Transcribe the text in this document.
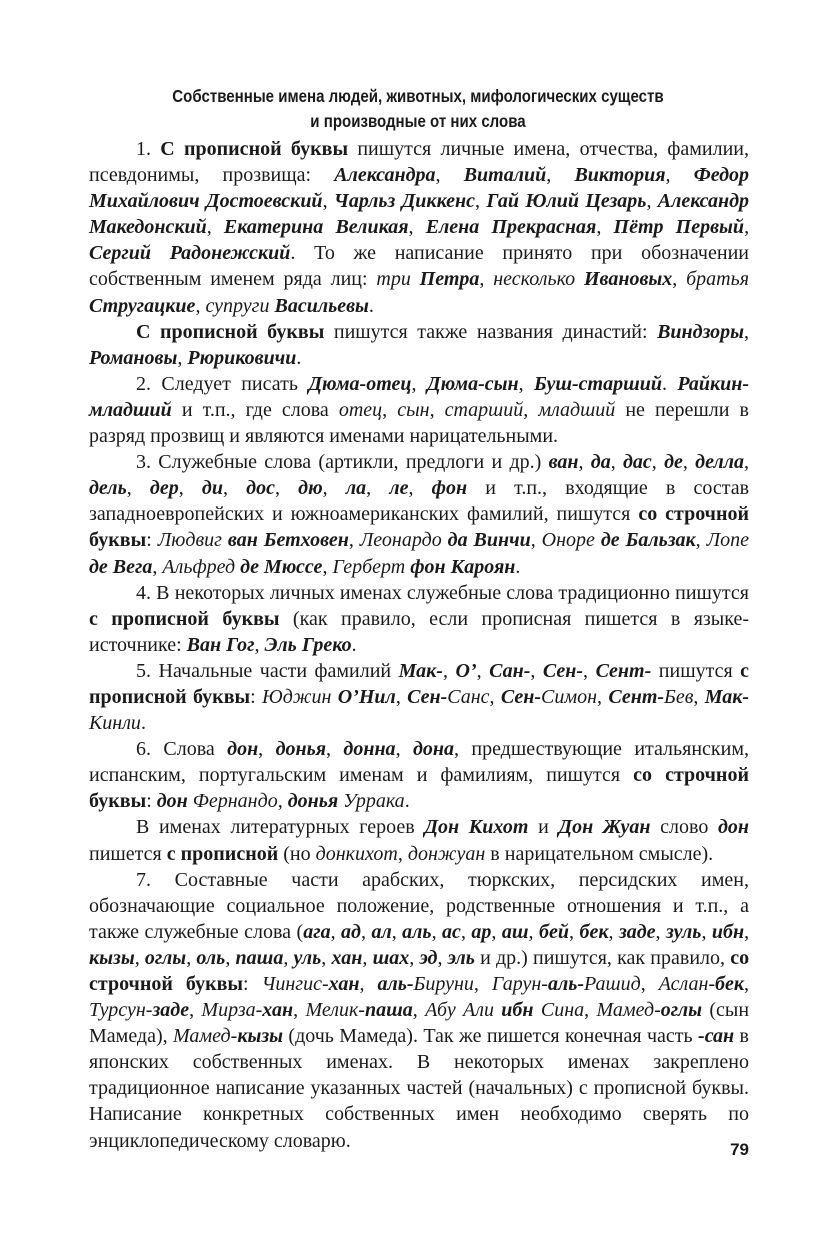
Собственные имена людей, животных, мифологических существ
и производные от них слова

1. С прописной буквы пишутся личные имена, отчества, фамилии, псевдонимы, прозвища: Александра, Виталий, Виктория, Федор Михайлович Достоевский, Чарльз Диккенс, Гай Юлий Цезарь, Александр Македонский, Екатерина Великая, Елена Прекрасная, Пётр Первый, Сергий Радонежский. То же написание принято при обозначении собственным именем ряда лиц: три Петра, несколько Ивановых, братья Стругацкие, супруги Васильевы.

С прописной буквы пишутся также названия династий: Виндзоры, Романовы, Рюриковичи.

2. Следует писать Дюма-отец, Дюма-сын, Буш-старший. Райкин-младший и т.п., где слова отец, сын, старший, младший не перешли в разряд прозвищ и являются именами нарицательными.

3. Служебные слова (артикли, предлоги и др.) ван, да, дас, де, делла, дель, дер, ди, дос, дю, ла, ле, фон и т.п., входящие в состав западноевропейских и южноамериканских фамилий, пишутся со строчной буквы: Людвиг ван Бетховен, Леонардо да Винчи, Оноре де Бальзак, Лопе де Вега, Альфред де Мюссе, Герберт фон Кароян.

4. В некоторых личных именах служебные слова традиционно пишутся с прописной буквы (как правило, если прописная пишется в языке-источнике: Ван Гог, Эль Греко.

5. Начальные части фамилий Мак-, О’, Сан-, Сен-, Сент- пишутся с прописной буквы: Юджин О’Нил, Сен-Санс, Сен-Симон, Сент-Бев, Мак-Кинли.

6. Слова дон, донья, донна, дона, предшествующие итальянским, испанским, португальским именам и фамилиям, пишутся со строчной буквы: дон Фернандо, донья Уррака.

В именах литературных героев Дон Кихот и Дон Жуан слово дон пишется с прописной (но донкихот, донжуан в нарицательном смысле).

7. Составные части арабских, тюркских, персидских имен, обозначающие социальное положение, родственные отношения и т.п., а также служебные слова (ага, ад, ал, аль, ас, ар, аш, бей, бек, заде, зуль, ибн, кызы, оглы, оль, паша, уль, хан, шах, эд, эль и др.) пишутся, как правило, со строчной буквы: Чингис-хан, аль-Бируни, Гарун-аль-Рашид, Аслан-бек, Турсун-заде, Мирза-хан, Мелик-паша, Абу Али ибн Сина, Мамед-оглы (сын Мамеда), Мамед-кызы (дочь Мамеда). Так же пишется конечная часть -сан в японских собственных именах. В некоторых именах закреплено традиционное написание указанных частей (начальных) с прописной буквы. Написание конкретных собственных имен необходимо сверять по энциклопедическому словарю.	79
